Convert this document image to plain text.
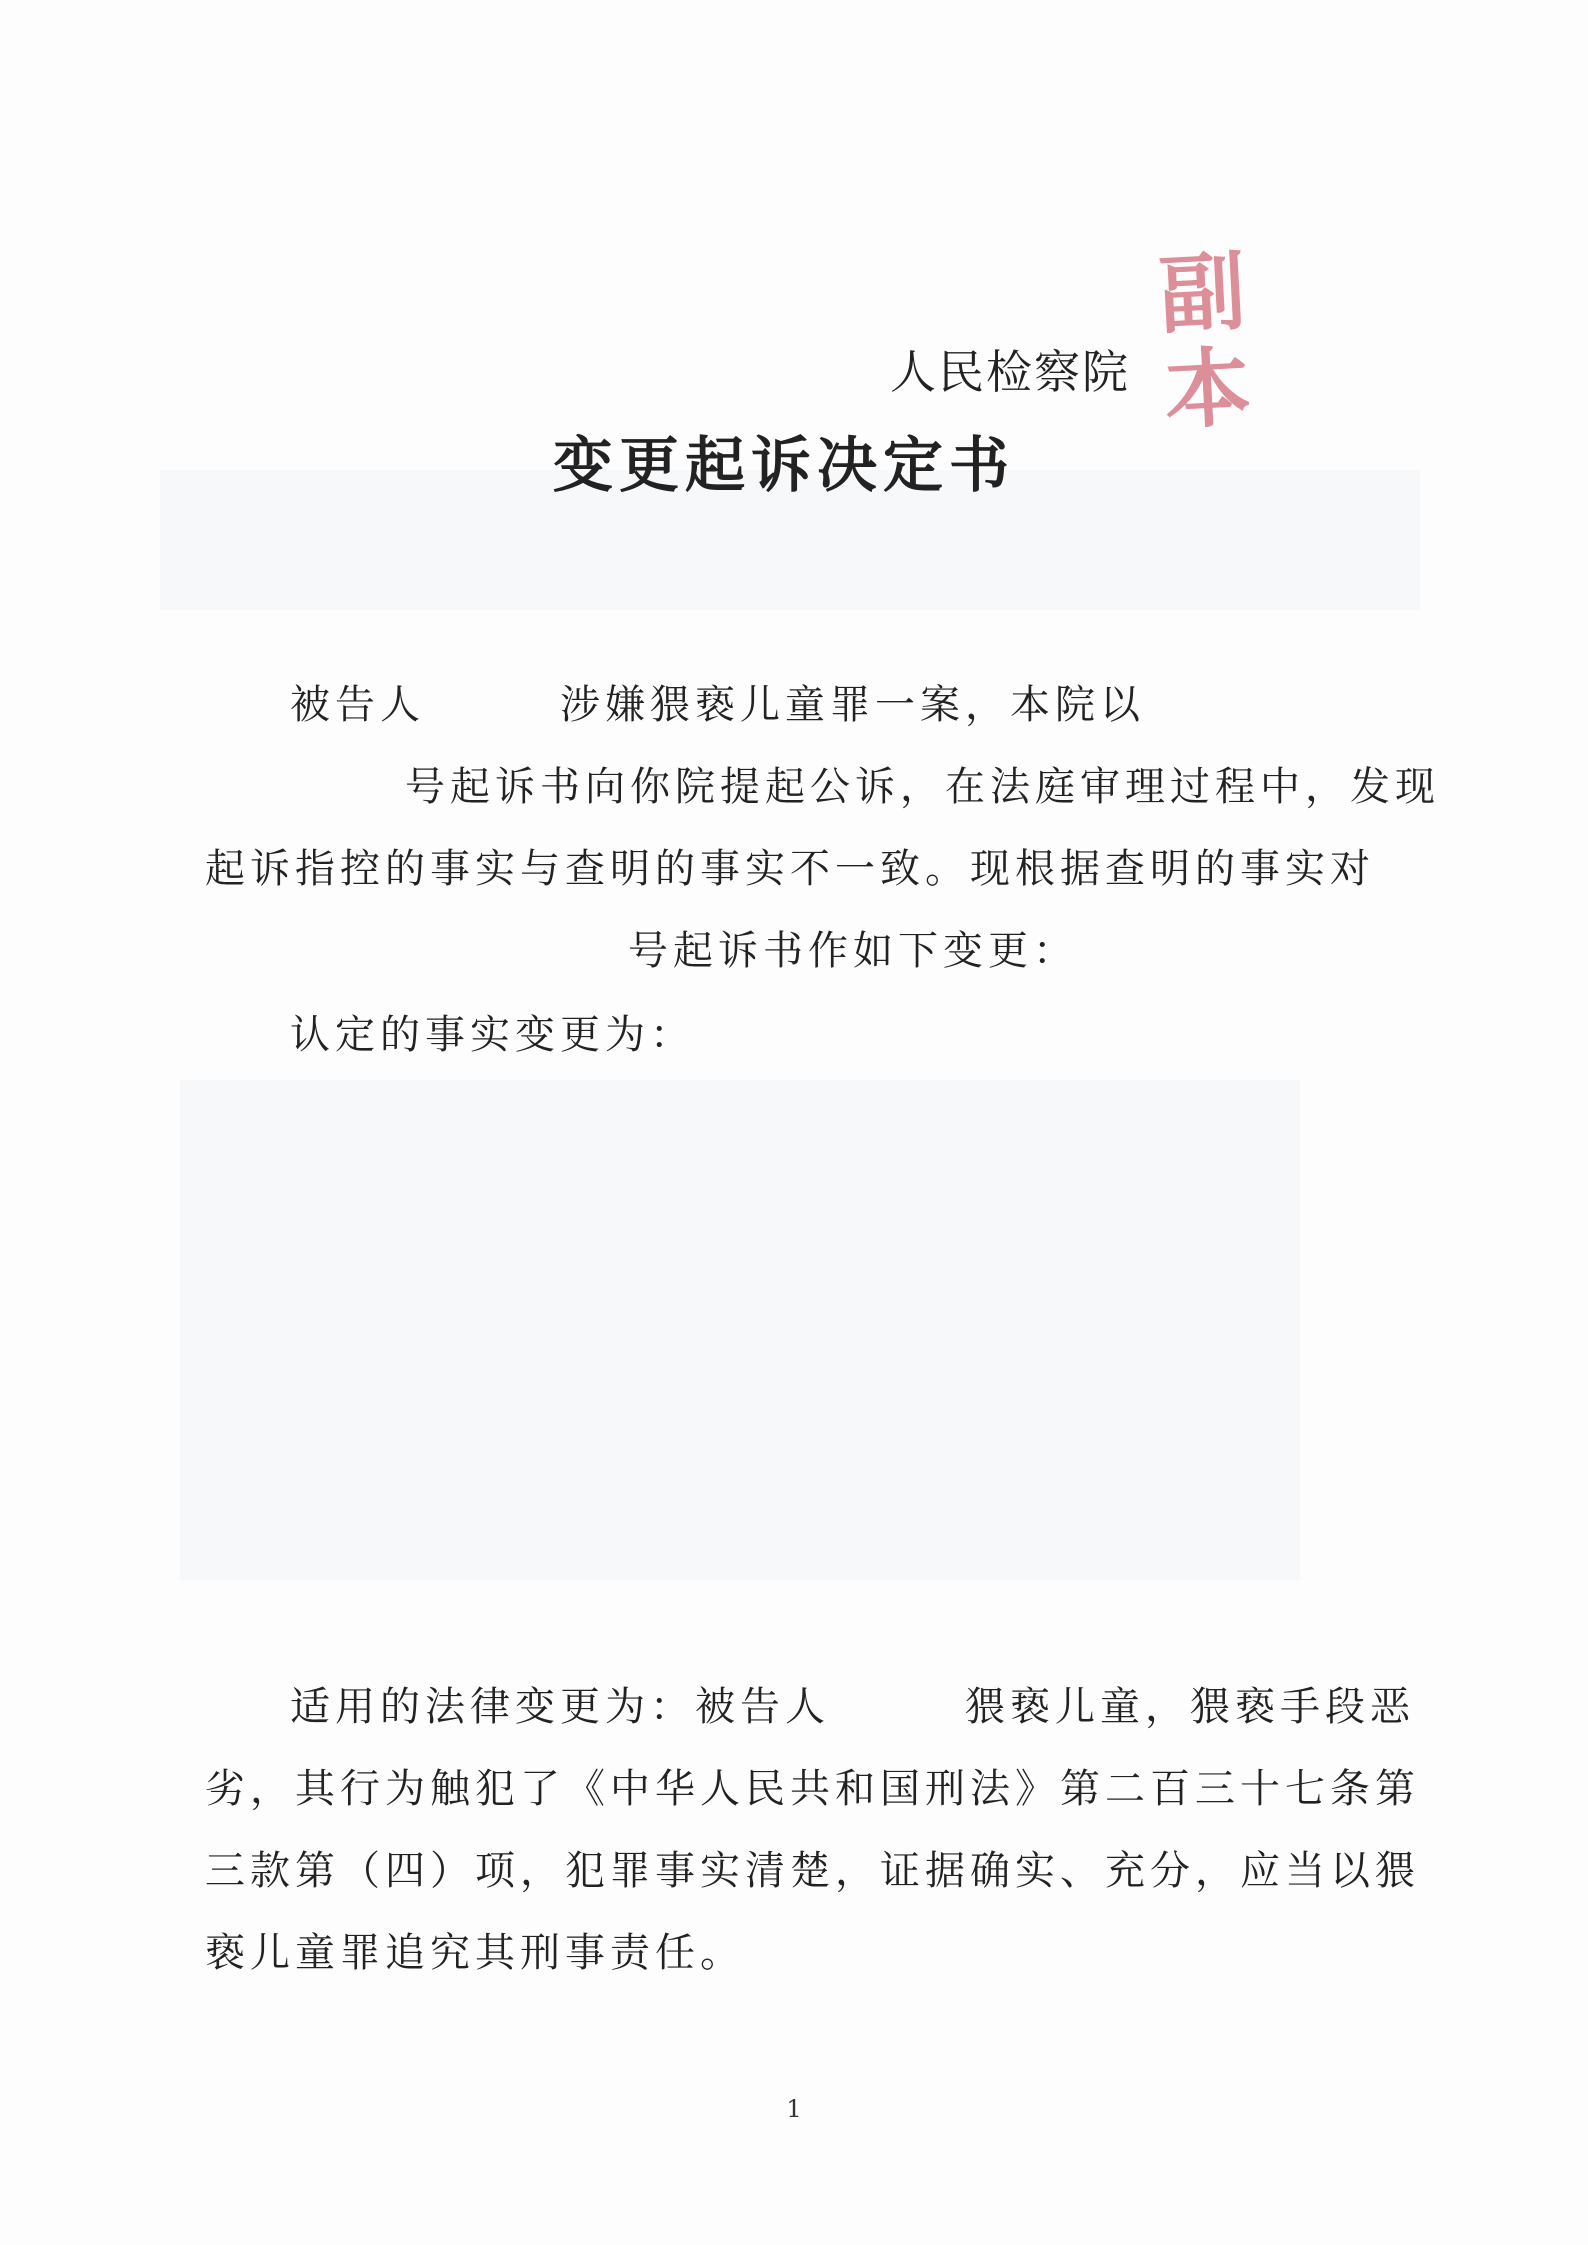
人民检察院
副
本
变更起诉决定书
被告人　　　涉嫌猥亵儿童罪一案，本院以
号起诉书向你院提起公诉，在法庭审理过程中，发现
起诉指控的事实与查明的事实不一致。现根据查明的事实对
号起诉书作如下变更：
认定的事实变更为：
适用的法律变更为：被告人　　　猥亵儿童，猥亵手段恶
劣，其行为触犯了《中华人民共和国刑法》第二百三十七条第
三款第（四）项，犯罪事实清楚，证据确实、充分，应当以猥
亵儿童罪追究其刑事责任。
1
